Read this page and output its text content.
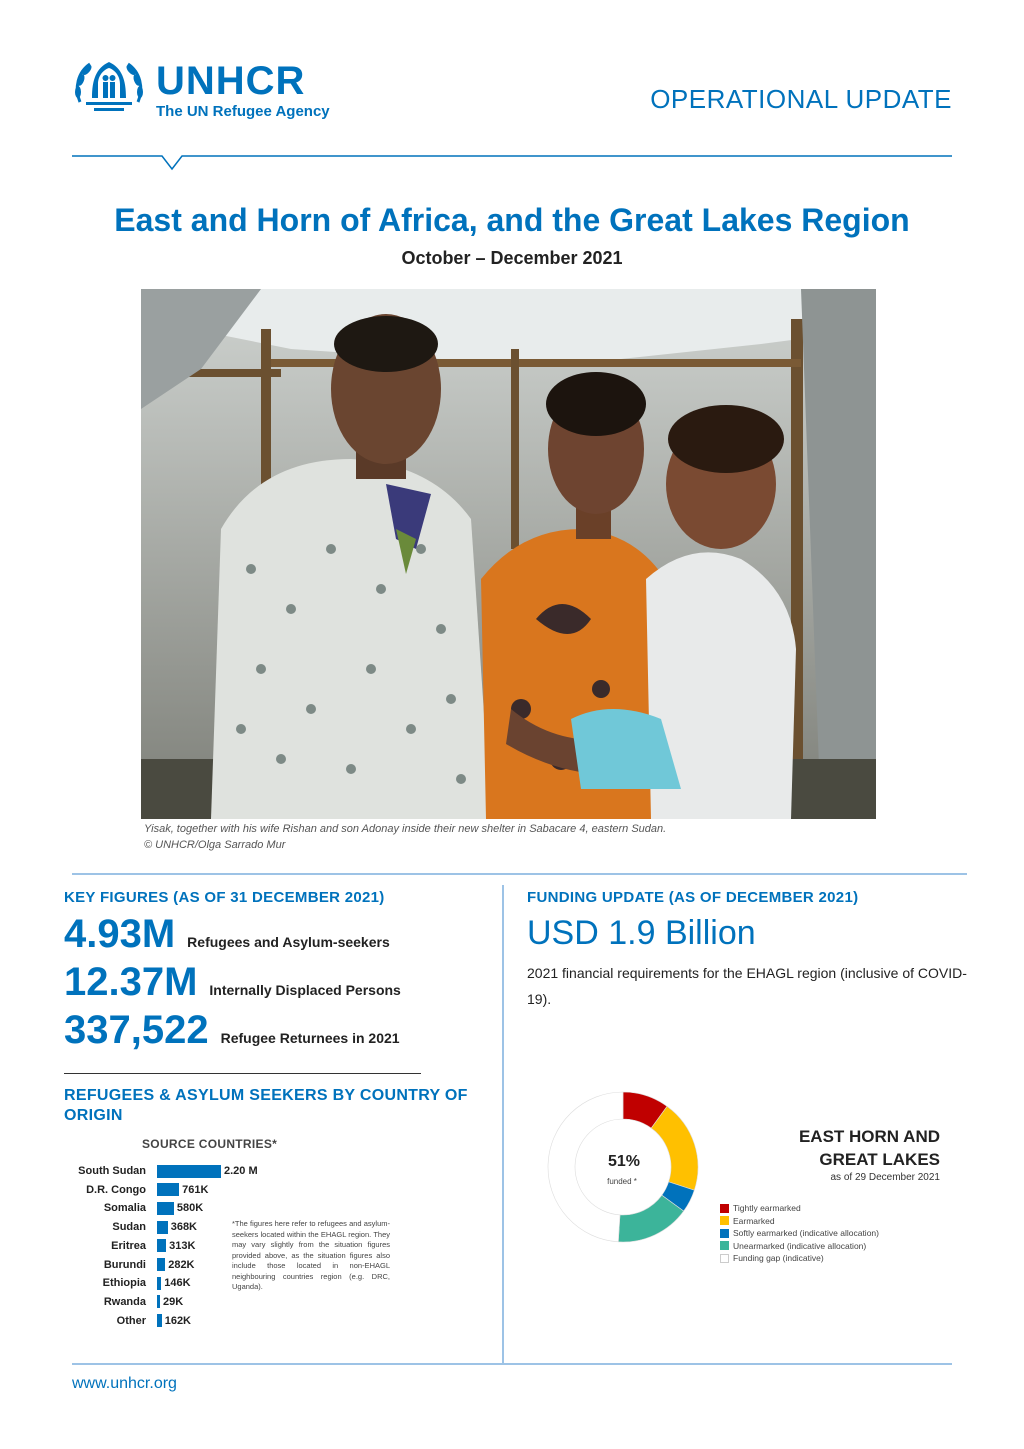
UNHCR
The UN Refugee Agency	OPERATIONAL UPDATE
East and Horn of Africa, and the Great Lakes Region
October – December 2021
Yisak, together with his wife Rishan and son Adonay inside their new shelter in Sabacare 4, eastern Sudan.
© UNHCR/Olga Sarrado Mur
KEY FIGURES (AS OF 31 DECEMBER 2021)
4.93M Refugees and Asylum-seekers
12.37M Internally Displaced Persons
337,522 Refugee Returnees in 2021
REFUGEES & ASYLUM SEEKERS BY COUNTRY OF ORIGIN
SOURCE COUNTRIES*
South Sudan	2.20 M
D.R. Congo	761K
Somalia	580K
Sudan	368K
Eritrea	313K
Burundi	282K
Ethiopia	146K
Rwanda	29K
Other	162K
*The figures here refer to refugees and asylum-seekers located within the EHAGL region. They may vary slightly from the situation figures provided above, as the situation figures also include those located in non-EHAGL neighbouring countries region (e.g. DRC, Uganda).
FUNDING UPDATE (AS OF DECEMBER 2021)
USD 1.9 Billion
2021 financial requirements for the EHAGL region (inclusive of COVID-19).
51%
funded *
EAST HORN AND
GREAT LAKES
as of 29 December 2021
Tightly earmarked
Earmarked
Softly earmarked (indicative allocation)
Unearmarked (indicative allocation)
Funding gap (indicative)
www.unhcr.org
